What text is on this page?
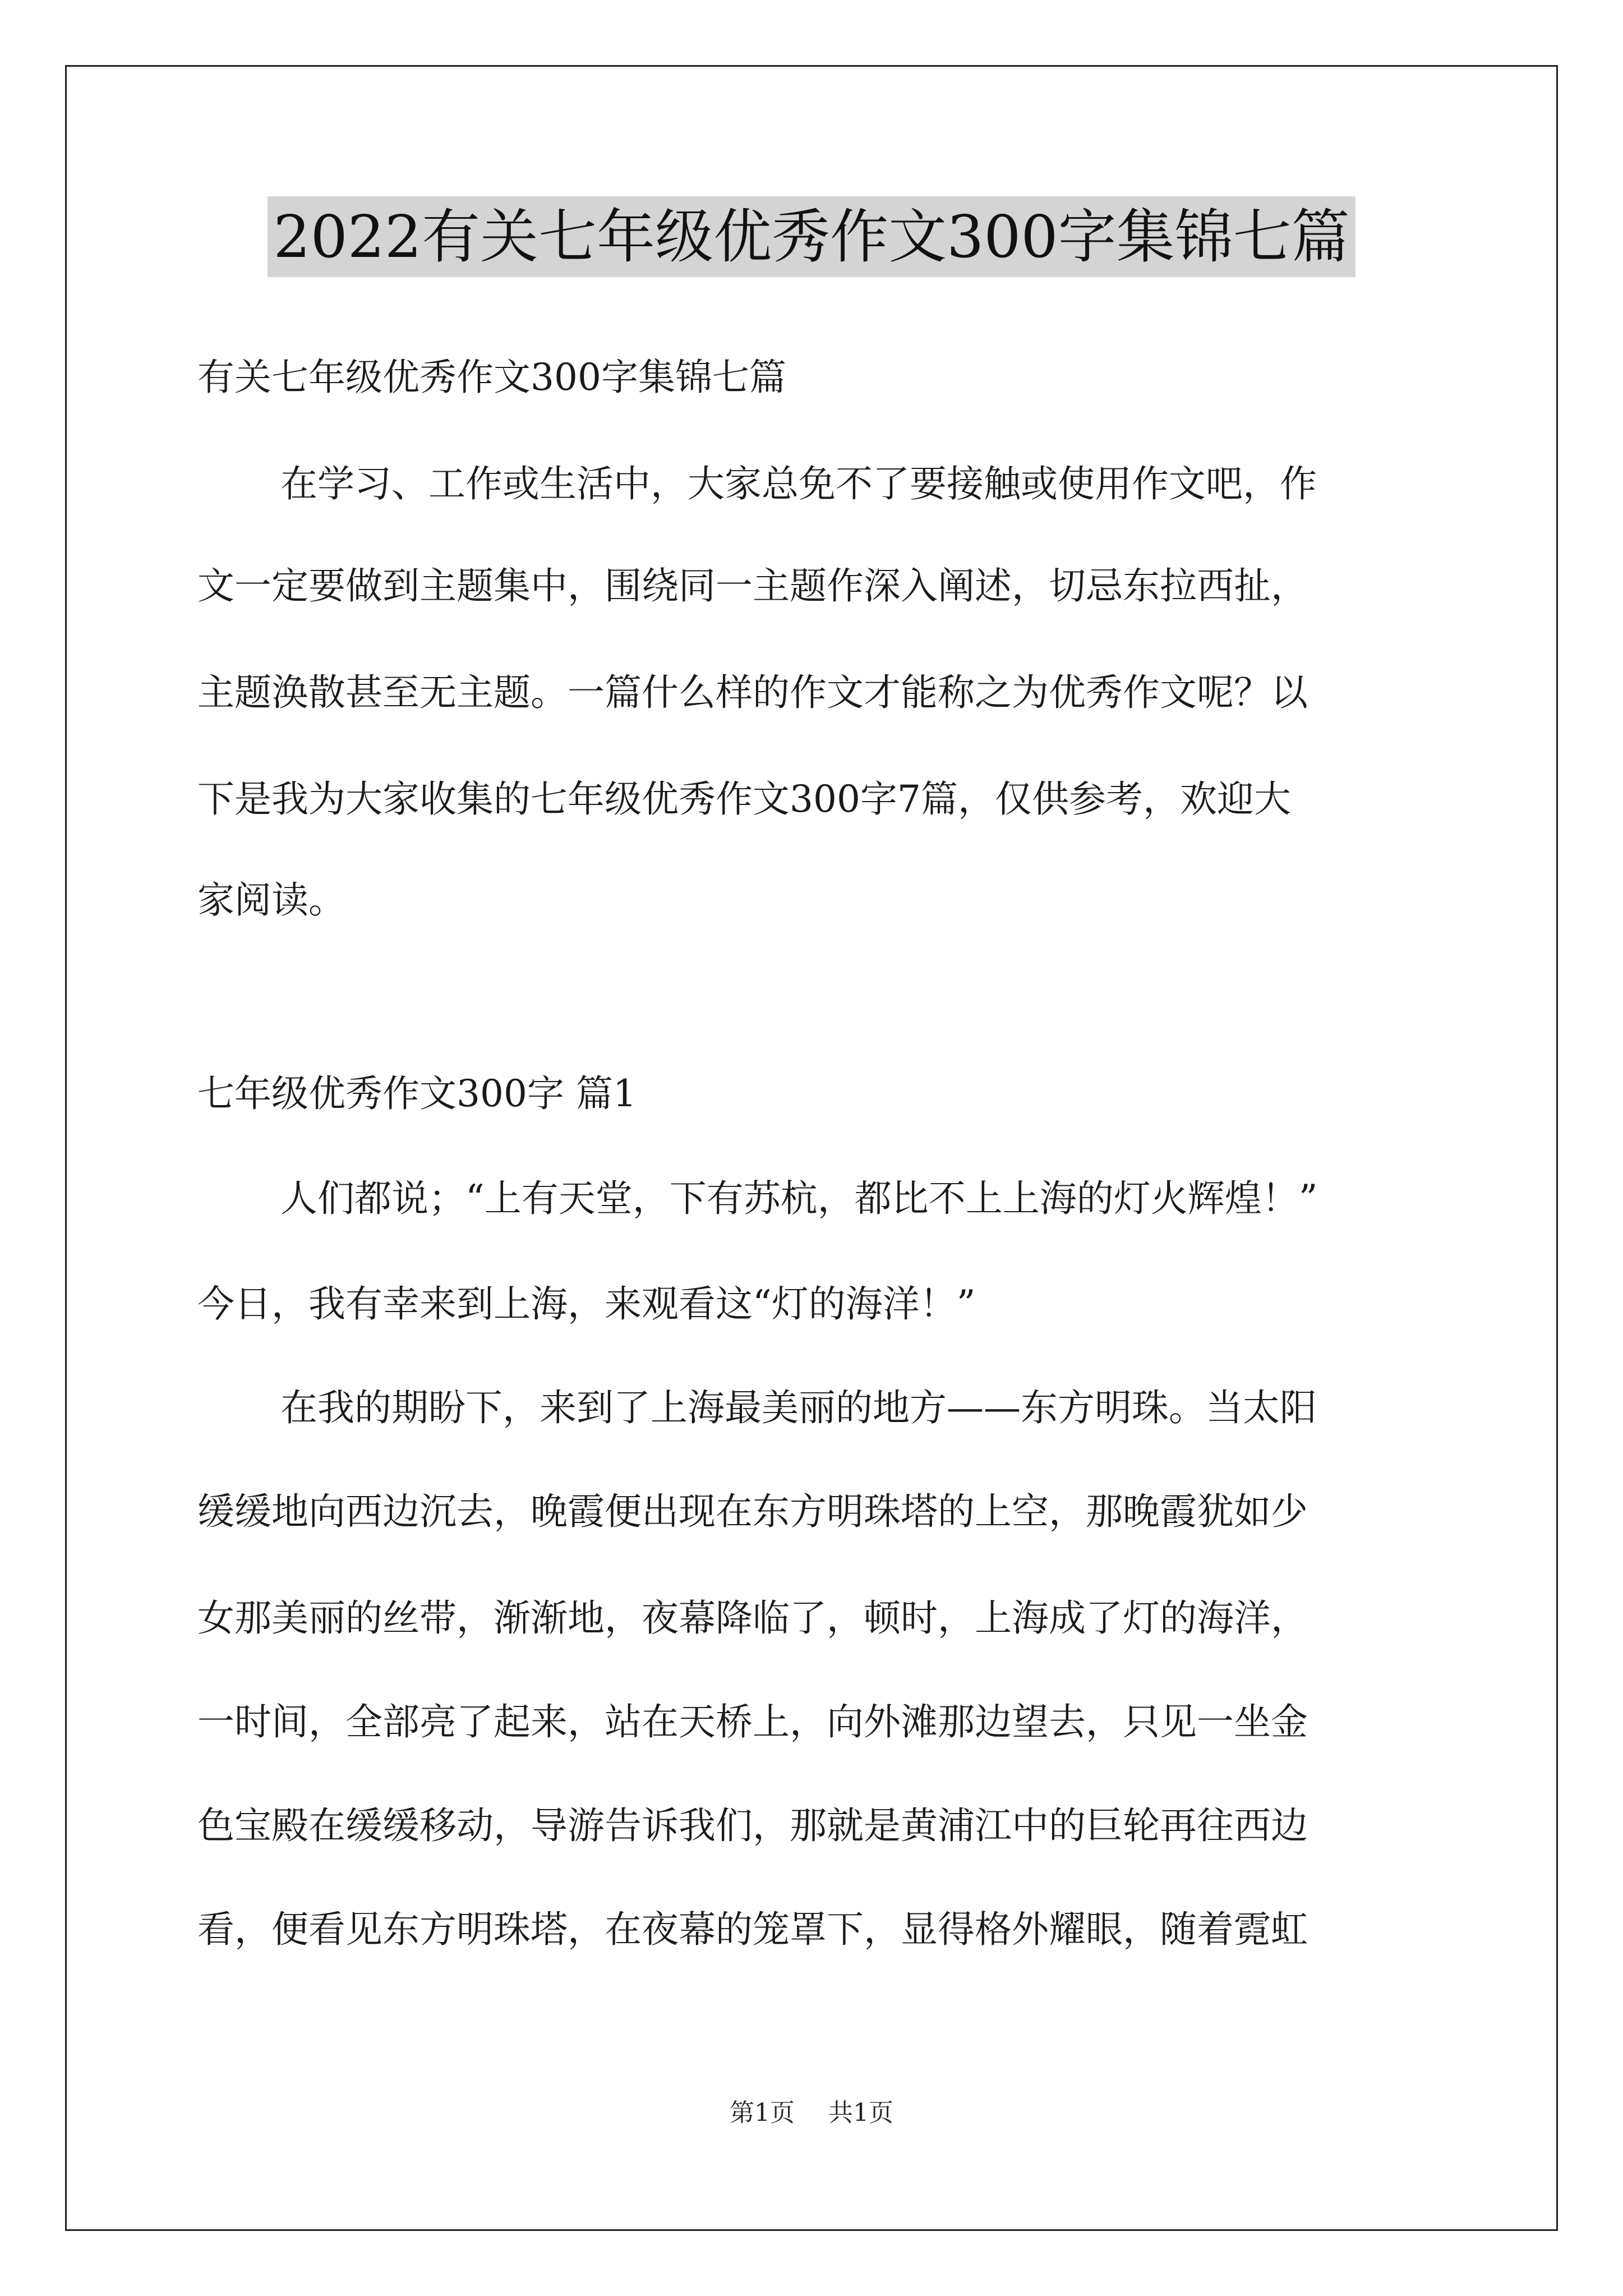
2022有关七年级优秀作文300字集锦七篇
有关七年级优秀作文300字集锦七篇
在学习、工作或生活中，大家总免不了要接触或使用作文吧，作
文一定要做到主题集中，围绕同一主题作深入阐述，切忌东拉西扯，
主题涣散甚至无主题。一篇什么样的作文才能称之为优秀作文呢？以
下是我为大家收集的七年级优秀作文300字7篇，仅供参考，欢迎大
家阅读。
七年级优秀作文300字 篇1
人们都说；“上有天堂，下有苏杭，都比不上上海的灯火辉煌！”
今日，我有幸来到上海，来观看这“灯的海洋！”
在我的期盼下，来到了上海最美丽的地方——东方明珠。当太阳
缓缓地向西边沉去，晚霞便出现在东方明珠塔的上空，那晚霞犹如少
女那美丽的丝带，渐渐地，夜幕降临了，顿时，上海成了灯的海洋，
一时间，全部亮了起来，站在天桥上，向外滩那边望去，只见一坐金
色宝殿在缓缓移动，导游告诉我们，那就是黄浦江中的巨轮再往西边
看，便看见东方明珠塔，在夜幕的笼罩下，显得格外耀眼，随着霓虹
第1页 共1页
